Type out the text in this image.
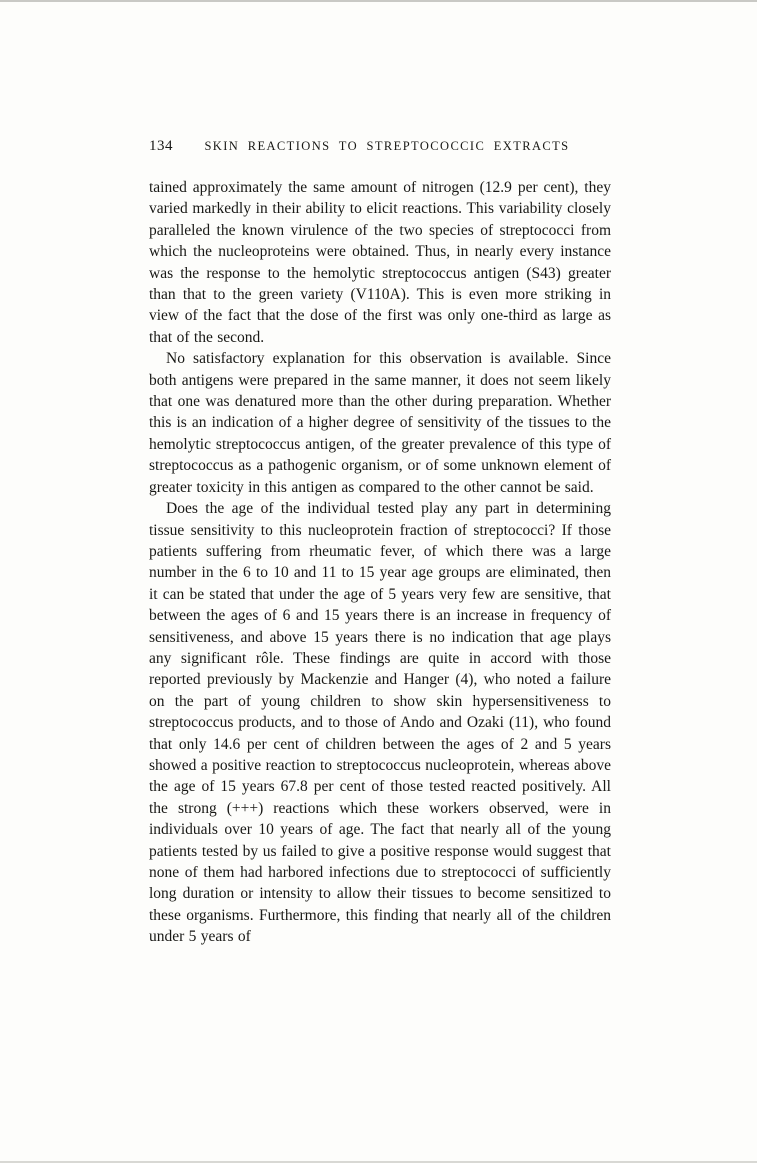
134	SKIN REACTIONS TO STREPTOCOCCIC EXTRACTS

tained approximately the same amount of nitrogen (12.9 per cent), they varied markedly in their ability to elicit reactions. This variability closely paralleled the known virulence of the two species of streptococci from which the nucleoproteins were obtained. Thus, in nearly every instance was the response to the hemolytic streptococcus antigen (S43) greater than that to the green variety (V110A). This is even more striking in view of the fact that the dose of the first was only one-third as large as that of the second.

No satisfactory explanation for this observation is available. Since both antigens were prepared in the same manner, it does not seem likely that one was denatured more than the other during preparation. Whether this is an indication of a higher degree of sensitivity of the tissues to the hemolytic streptococcus antigen, of the greater prevalence of this type of streptococcus as a pathogenic organism, or of some unknown element of greater toxicity in this antigen as compared to the other cannot be said.

Does the age of the individual tested play any part in determining tissue sensitivity to this nucleoprotein fraction of streptococci? If those patients suffering from rheumatic fever, of which there was a large number in the 6 to 10 and 11 to 15 year age groups are eliminated, then it can be stated that under the age of 5 years very few are sensitive, that between the ages of 6 and 15 years there is an increase in frequency of sensitiveness, and above 15 years there is no indication that age plays any significant rôle. These findings are quite in accord with those reported previously by Mackenzie and Hanger (4), who noted a failure on the part of young children to show skin hypersensitiveness to streptococcus products, and to those of Ando and Ozaki (11), who found that only 14.6 per cent of children between the ages of 2 and 5 years showed a positive reaction to streptococcus nucleoprotein, whereas above the age of 15 years 67.8 per cent of those tested reacted positively. All the strong (+++) reactions which these workers observed, were in individuals over 10 years of age. The fact that nearly all of the young patients tested by us failed to give a positive response would suggest that none of them had harbored infections due to streptococci of sufficiently long duration or intensity to allow their tissues to become sensitized to these organisms. Furthermore, this finding that nearly all of the children under 5 years of
